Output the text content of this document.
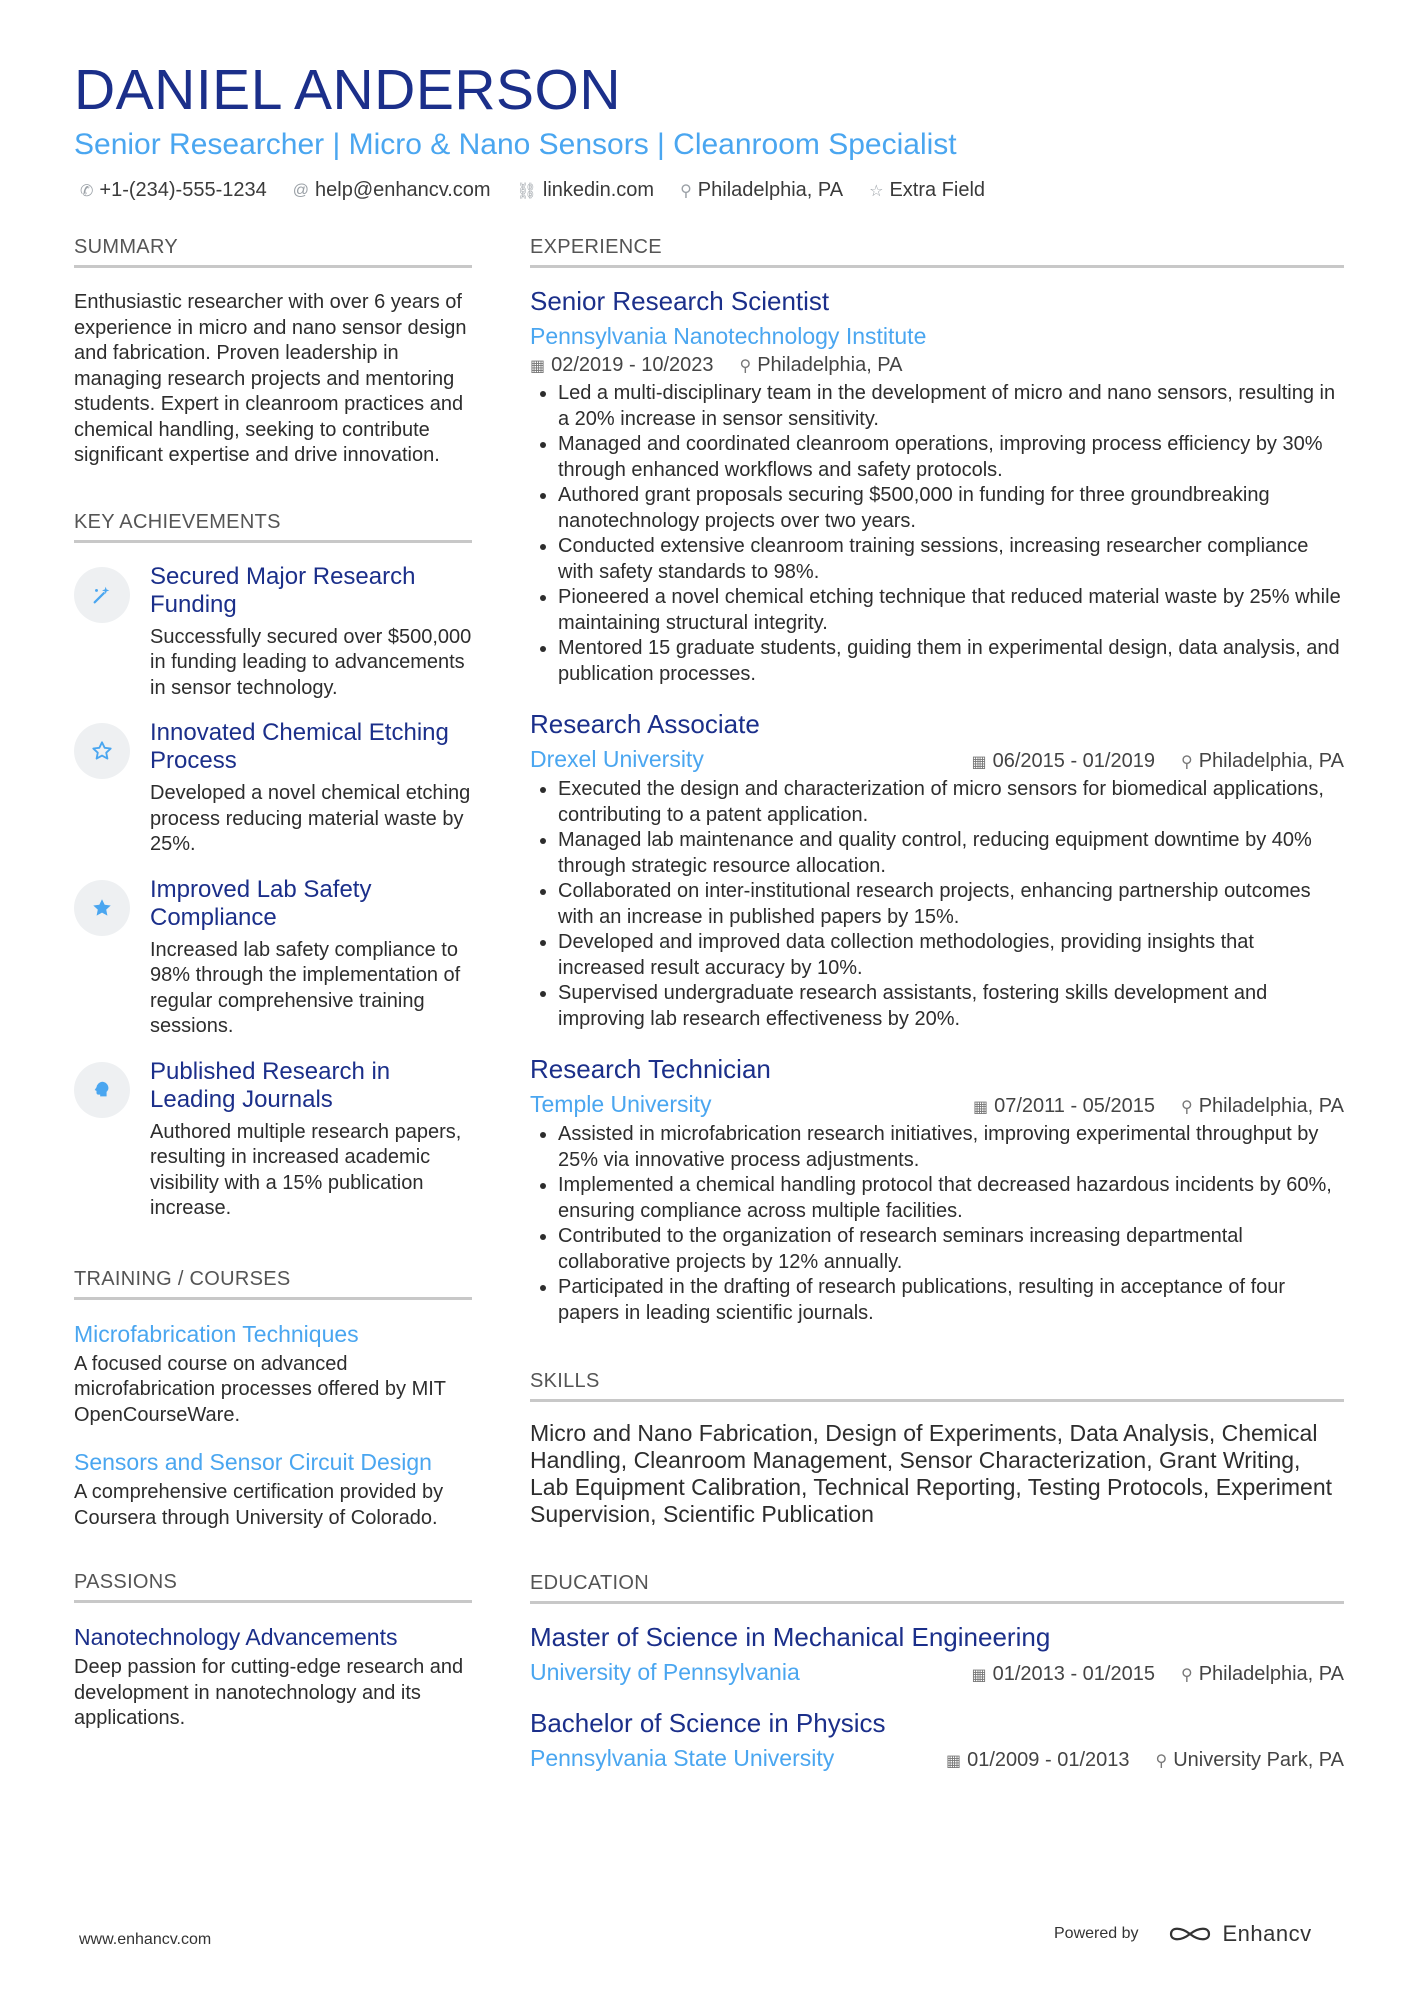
DANIEL ANDERSON
Senior Researcher | Micro & Nano Sensors | Cleanroom Specialist
✆ +1-(234)-555-1234 @ help@enhancv.com ⛓ linkedin.com ⚲ Philadelphia, PA ☆ Extra Field
SUMMARY
Enthusiastic researcher with over 6 years of experience in micro and nano sensor design and fabrication. Proven leadership in managing research projects and mentoring students. Expert in cleanroom practices and chemical handling, seeking to contribute significant expertise and drive innovation.
KEY ACHIEVEMENTS
Secured Major Research Funding
Successfully secured over $500,000 in funding leading to advancements in sensor technology.
Innovated Chemical Etching Process
Developed a novel chemical etching process reducing material waste by 25%.
Improved Lab Safety Compliance
Increased lab safety compliance to 98% through the implementation of regular comprehensive training sessions.
Published Research in Leading Journals
Authored multiple research papers, resulting in increased academic visibility with a 15% publication increase.
TRAINING / COURSES
Microfabrication Techniques
A focused course on advanced microfabrication processes offered by MIT OpenCourseWare.
Sensors and Sensor Circuit Design
A comprehensive certification provided by Coursera through University of Colorado.
PASSIONS
Nanotechnology Advancements
Deep passion for cutting-edge research and development in nanotechnology and its applications.
EXPERIENCE
Senior Research Scientist
Pennsylvania Nanotechnology Institute
▦ 02/2019 - 10/2023 ⚲ Philadelphia, PA
• Led a multi-disciplinary team in the development of micro and nano sensors, resulting in a 20% increase in sensor sensitivity.
• Managed and coordinated cleanroom operations, improving process efficiency by 30% through enhanced workflows and safety protocols.
• Authored grant proposals securing $500,000 in funding for three groundbreaking nanotechnology projects over two years.
• Conducted extensive cleanroom training sessions, increasing researcher compliance with safety standards to 98%.
• Pioneered a novel chemical etching technique that reduced material waste by 25% while maintaining structural integrity.
• Mentored 15 graduate students, guiding them in experimental design, data analysis, and publication processes.
Research Associate
Drexel University	▦ 06/2015 - 01/2019 ⚲ Philadelphia, PA
• Executed the design and characterization of micro sensors for biomedical applications, contributing to a patent application.
• Managed lab maintenance and quality control, reducing equipment downtime by 40% through strategic resource allocation.
• Collaborated on inter-institutional research projects, enhancing partnership outcomes with an increase in published papers by 15%.
• Developed and improved data collection methodologies, providing insights that increased result accuracy by 10%.
• Supervised undergraduate research assistants, fostering skills development and improving lab research effectiveness by 20%.
Research Technician
Temple University	▦ 07/2011 - 05/2015 ⚲ Philadelphia, PA
• Assisted in microfabrication research initiatives, improving experimental throughput by 25% via innovative process adjustments.
• Implemented a chemical handling protocol that decreased hazardous incidents by 60%, ensuring compliance across multiple facilities.
• Contributed to the organization of research seminars increasing departmental collaborative projects by 12% annually.
• Participated in the drafting of research publications, resulting in acceptance of four papers in leading scientific journals.
SKILLS
Micro and Nano Fabrication, Design of Experiments, Data Analysis, Chemical Handling, Cleanroom Management, Sensor Characterization, Grant Writing, Lab Equipment Calibration, Technical Reporting, Testing Protocols, Experiment Supervision, Scientific Publication
EDUCATION
Master of Science in Mechanical Engineering
University of Pennsylvania	▦ 01/2013 - 01/2015 ⚲ Philadelphia, PA
Bachelor of Science in Physics
Pennsylvania State University	▦ 01/2009 - 01/2013 ⚲ University Park, PA
www.enhancv.com	Powered by	Enhancv
